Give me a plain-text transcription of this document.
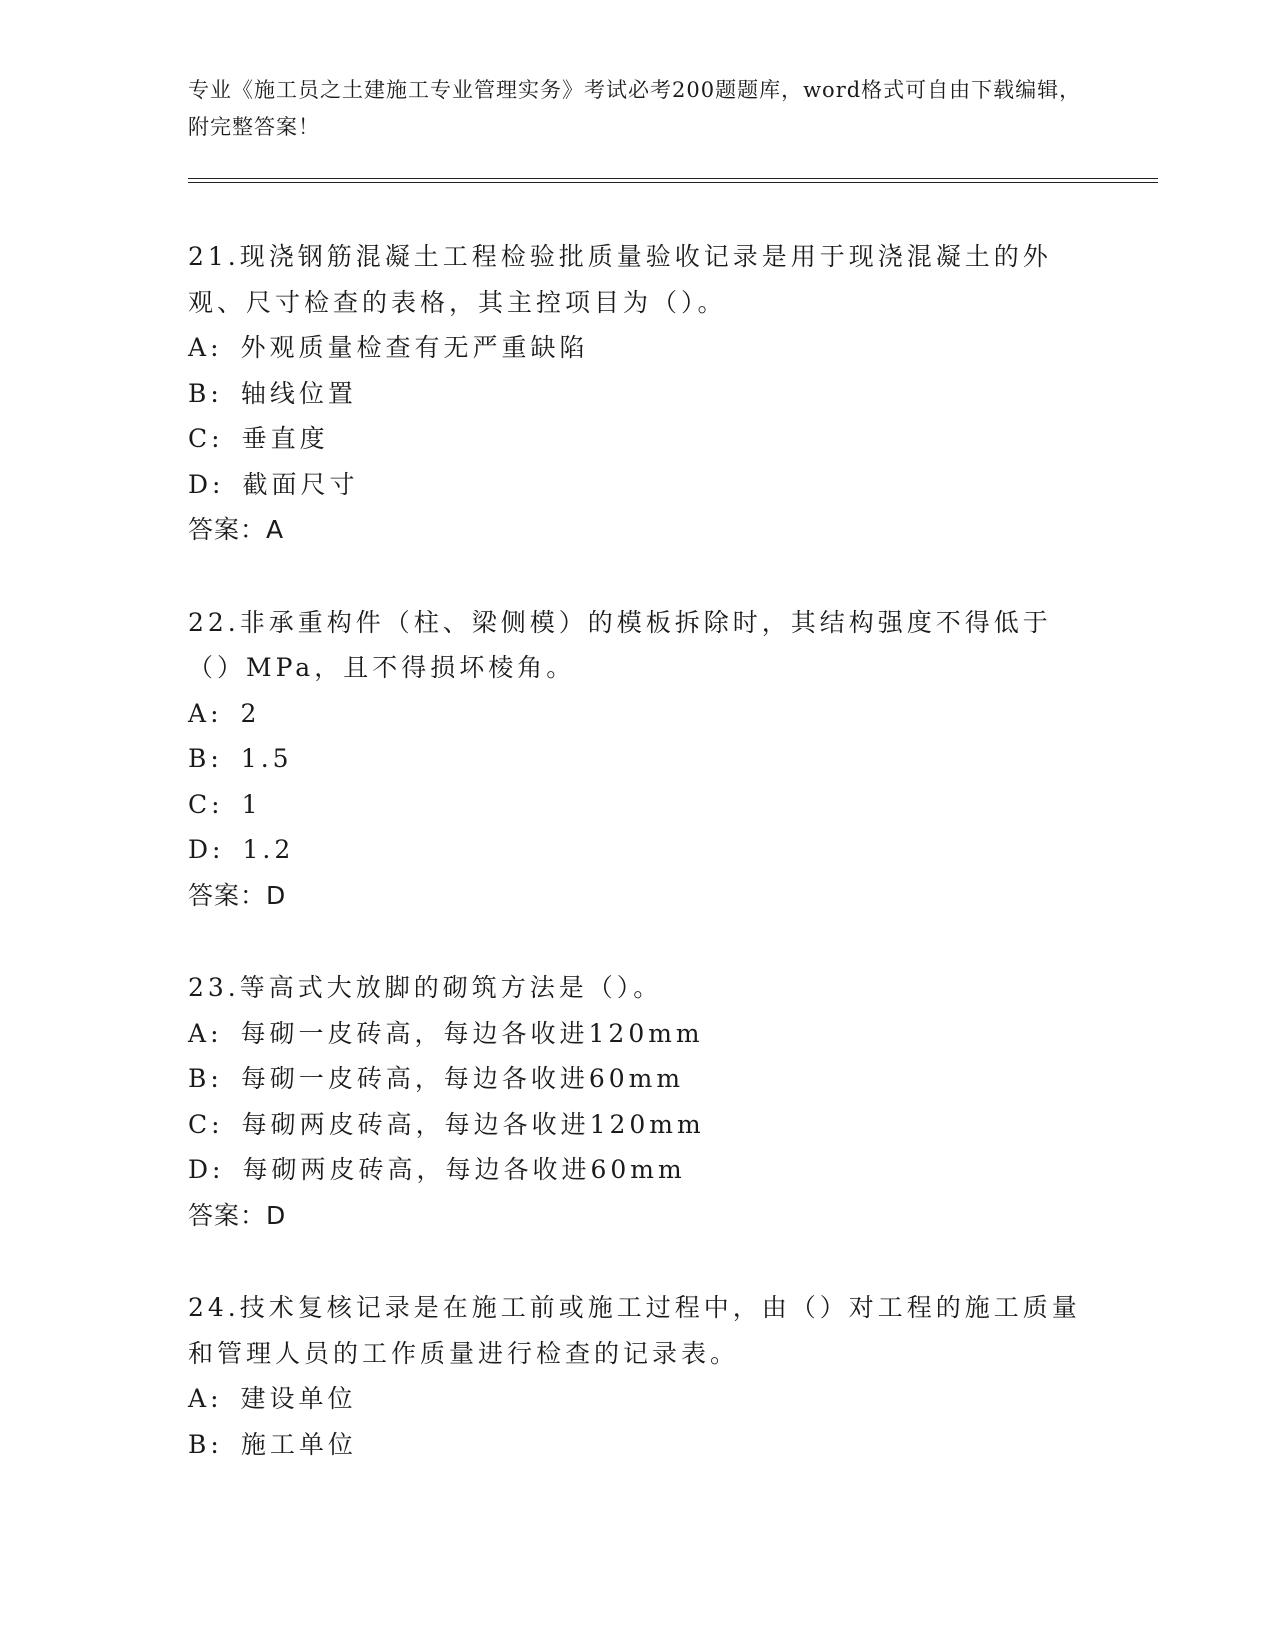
专业《施工员之土建施工专业管理实务》考试必考200题题库，word格式可自由下载编辑，附完整答案！

21.现浇钢筋混凝土工程检验批质量验收记录是用于现浇混凝土的外观、尺寸检查的表格，其主控项目为（）。

A: 外观质量检查有无严重缺陷

B: 轴线位置

C: 垂直度

D: 截面尺寸

答案：A

22.非承重构件（柱、梁侧模）的模板拆除时，其结构强度不得低于（）MPa，且不得损坏棱角。

A: 2

B: 1.5

C: 1

D: 1.2

答案：D

23.等高式大放脚的砌筑方法是（）。

A: 每砌一皮砖高，每边各收进120mm

B: 每砌一皮砖高，每边各收进60mm

C: 每砌两皮砖高，每边各收进120mm

D: 每砌两皮砖高，每边各收进60mm

答案：D

24.技术复核记录是在施工前或施工过程中，由（）对工程的施工质量和管理人员的工作质量进行检查的记录表。

A: 建设单位

B: 施工单位
